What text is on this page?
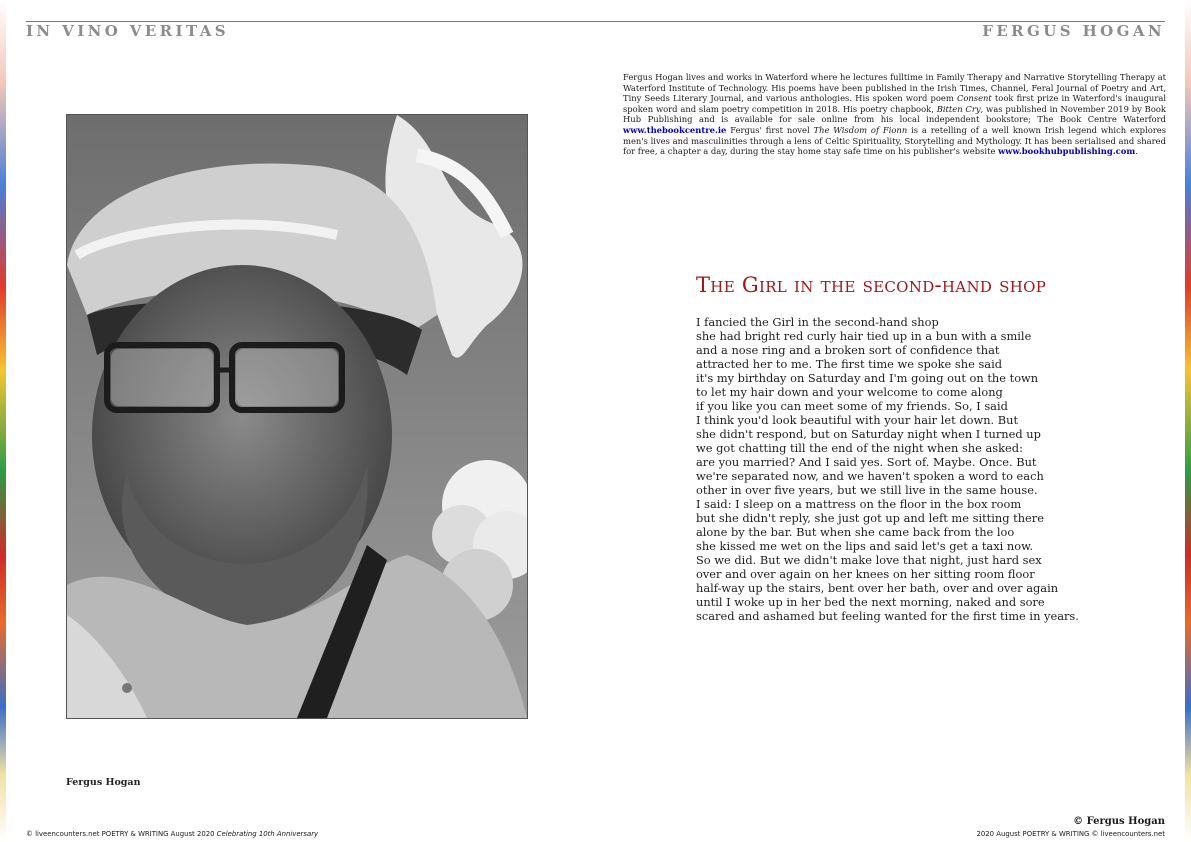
IN VINO VERITAS	FERGUS HOGAN
Fergus Hogan lives and works in Waterford where he lectures fulltime in Family Therapy and Narrative Storytelling Therapy at Waterford Institute of Technology. His poems have been published in the Irish Times, Channel, Feral Journal of Poetry and Art, Tiny Seeds Literary Journal, and various anthologies. His spoken word poem Consent took first prize in Waterford's inaugural spoken word and slam poetry competition in 2018. His poetry chapbook, Bitten Cry, was published in November 2019 by Book Hub Publishing and is available for sale online from his local independent bookstore; The Book Centre Waterford www.thebookcentre.ie Fergus' first novel The Wisdom of Fionn is a retelling of a well known Irish legend which explores men's lives and masculinities through a lens of Celtic Spirituality, Storytelling and Mythology. It has been serialised and shared for free, a chapter a day, during the stay home stay safe time on his publisher's website www.bookhubpublishing.com.
Fergus Hogan
The Girl in the second-hand shop
I fancied the Girl in the second-hand shop
she had bright red curly hair tied up in a bun with a smile
and a nose ring and a broken sort of confidence that
attracted her to me. The first time we spoke she said
it's my birthday on Saturday and I'm going out on the town
to let my hair down and your welcome to come along
if you like you can meet some of my friends. So, I said
I think you'd look beautiful with your hair let down. But
she didn't respond, but on Saturday night when I turned up
we got chatting till the end of the night when she asked:
are you married? And I said yes. Sort of. Maybe. Once. But
we're separated now, and we haven't spoken a word to each
other in over five years, but we still live in the same house.
I said: I sleep on a mattress on the floor in the box room
but she didn't reply, she just got up and left me sitting there
alone by the bar. But when she came back from the loo
she kissed me wet on the lips and said let's get a taxi now.
So we did. But we didn't make love that night, just hard sex
over and over again on her knees on her sitting room floor
half-way up the stairs, bent over her bath, over and over again
until I woke up in her bed the next morning, naked and sore
scared and ashamed but feeling wanted for the first time in years.
© Fergus Hogan
© liveencounters.net POETRY & WRITING August 2020 Celebrating 10th Anniversary	2020 August POETRY & WRITING © liveencounters.net
